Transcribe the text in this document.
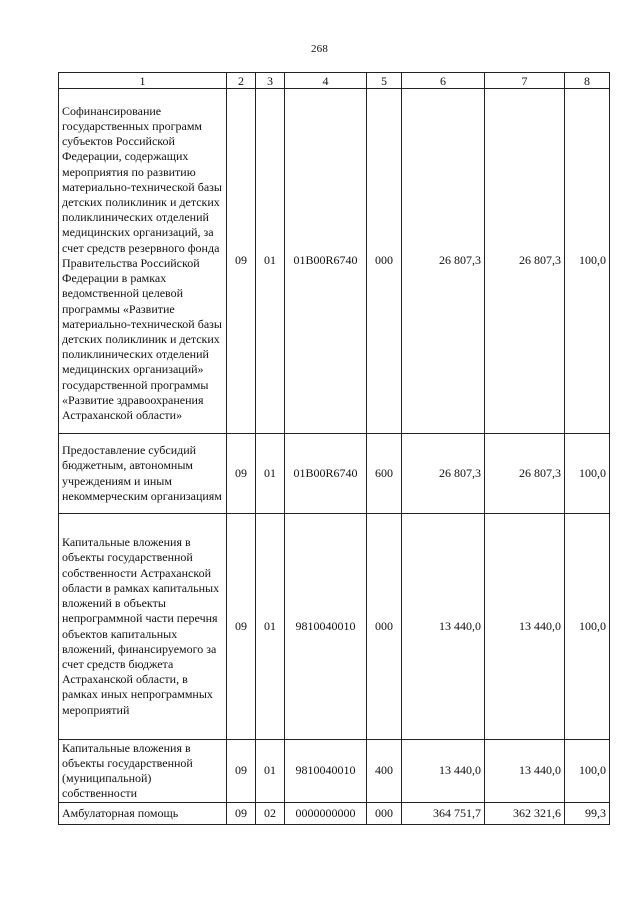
268
1	2	3	4	5	6	7	8
Софинансирование государственных программ субъектов Российской Федерации, содержащих мероприятия по развитию материально-технической базы детских поликлиник и детских поликлинических отделений медицинских организаций, за счет средств резервного фонда Правительства Российской Федерации в рамках ведомственной целевой программы «Развитие материально-технической базы детских поликлиник и детских поликлинических отделений медицинских организаций» государственной программы «Развитие здравоохранения Астраханской области»	09	01	01В00R6740	000	26 807,3	26 807,3	100,0
Предоставление субсидий бюджетным, автономным учреждениям и иным некоммерческим организациям	09	01	01В00R6740	600	26 807,3	26 807,3	100,0
Капитальные вложения в объекты государственной собственности Астраханской области в рамках капитальных вложений в объекты непрограммной части перечня объектов капитальных вложений, финансируемого за счет средств бюджета Астраханской области, в рамках иных непрограммных мероприятий	09	01	9810040010	000	13 440,0	13 440,0	100,0
Капитальные вложения в объекты государственной (муниципальной) собственности	09	01	9810040010	400	13 440,0	13 440,0	100,0
Амбулаторная помощь	09	02	0000000000	000	364 751,7	362 321,6	99,3
